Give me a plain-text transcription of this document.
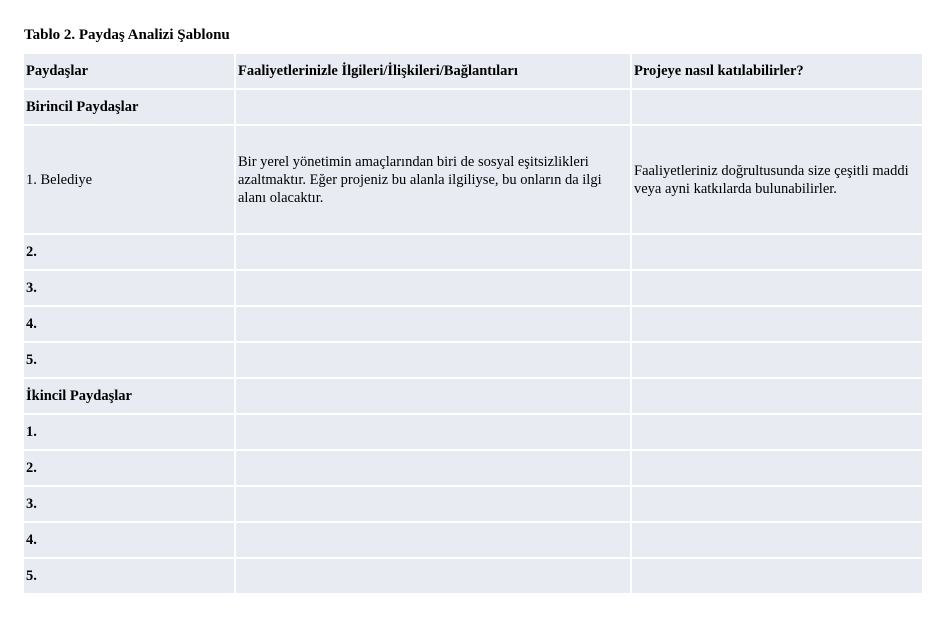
Tablo 2. Paydaş Analizi Şablonu
Paydaşlar	Faaliyetlerinizle İlgileri/İlişkileri/Bağlantıları	Projeye nasıl katılabilirler?
Birincil Paydaşlar		
1. Belediye	Bir yerel yönetimin amaçlarından biri de sosyal eşitsizlikleri azaltmaktır. Eğer projeniz bu alanla ilgiliyse, bu onların da ilgi alanı olacaktır.	Faaliyetleriniz doğrultusunda size çeşitli maddi veya ayni katkılarda bulunabilirler.
2.		
3.		
4.		
5.		
İkincil Paydaşlar		
1.		
2.		
3.		
4.		
5.		
